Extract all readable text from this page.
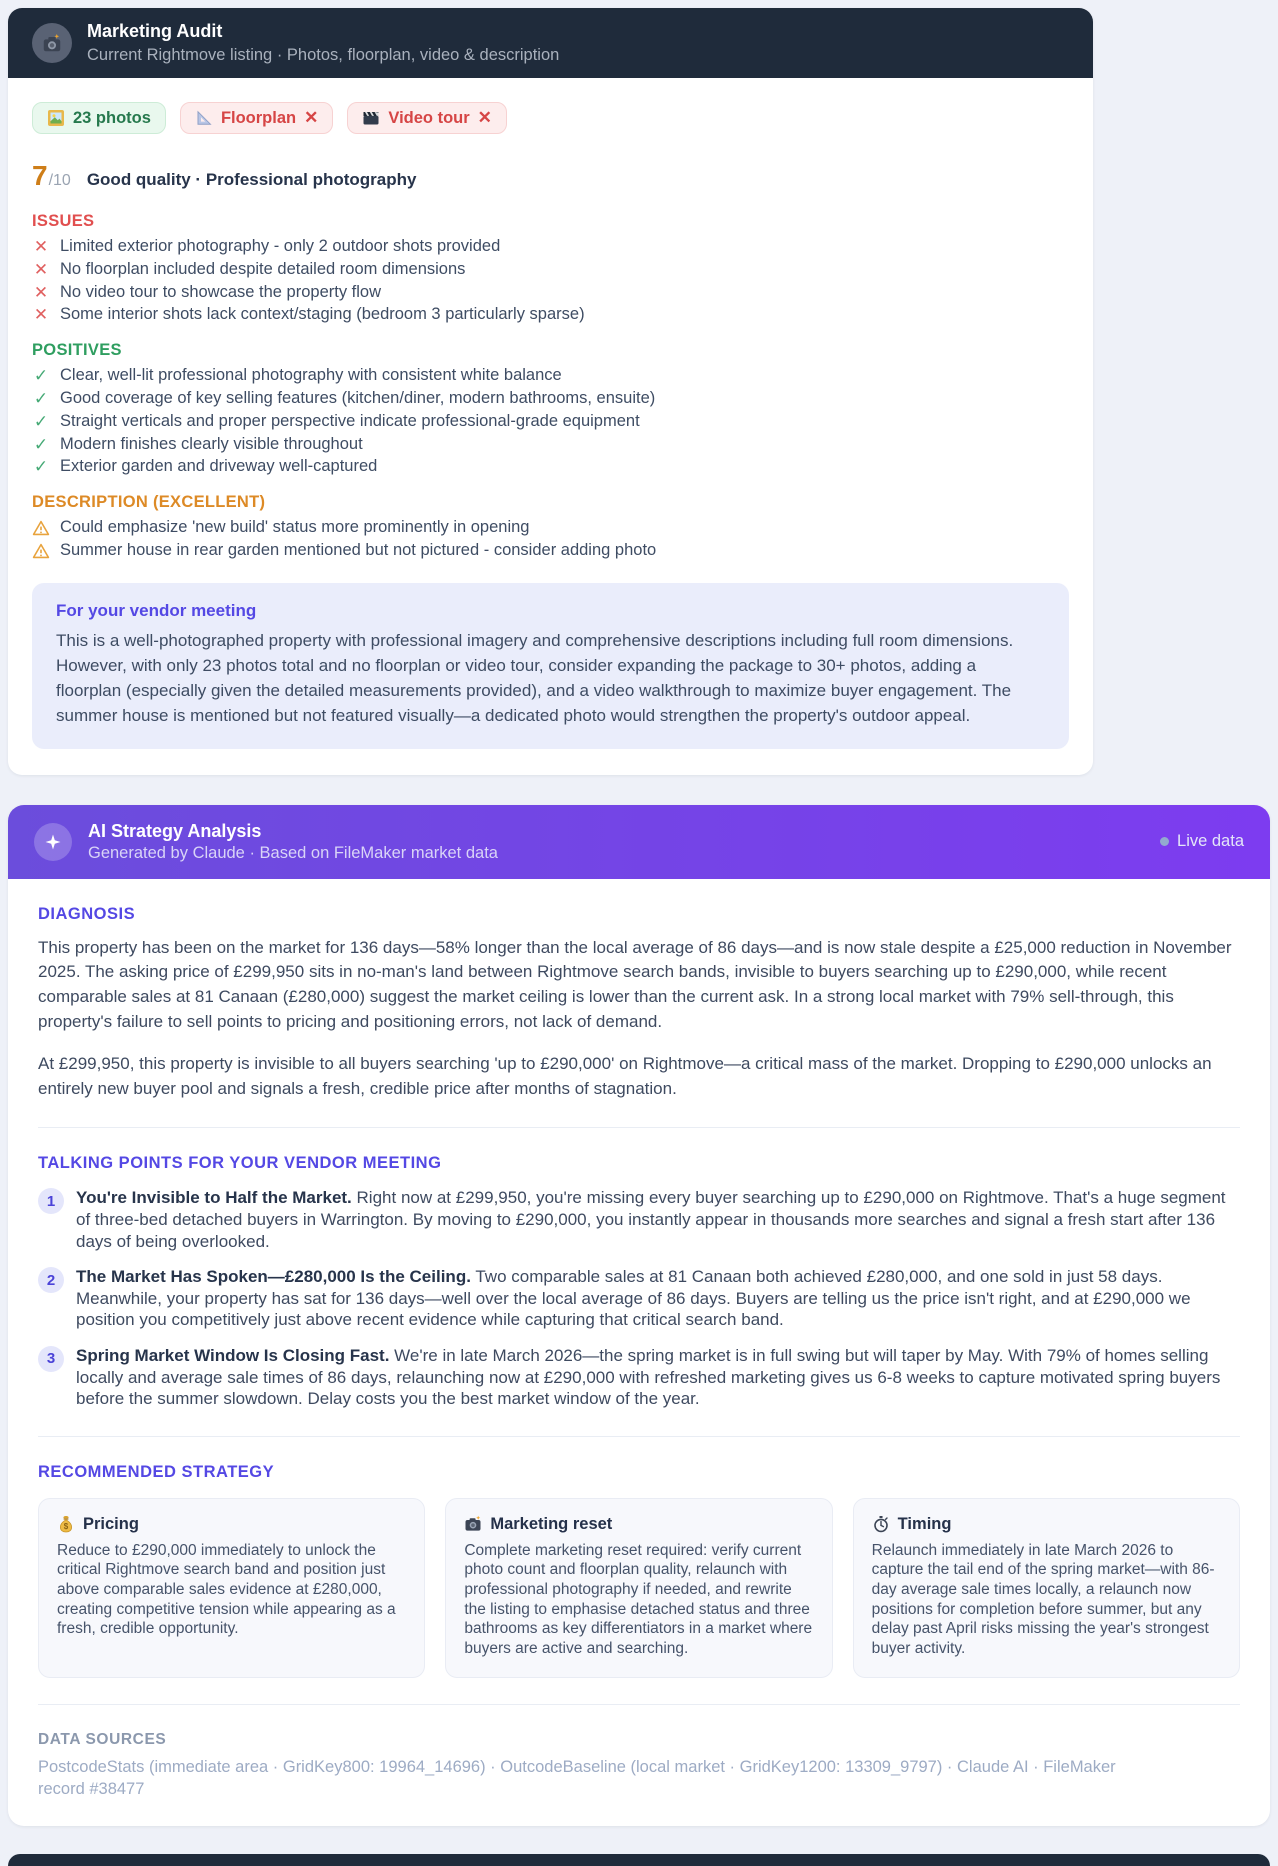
Marketing Audit
Current Rightmove listing · Photos, floorplan, video & description
23 photos	Floorplan ✕	Video tour ✕
7 /10 Good quality · Professional photography
ISSUES
✕ Limited exterior photography - only 2 outdoor shots provided
✕ No floorplan included despite detailed room dimensions
✕ No video tour to showcase the property flow
✕ Some interior shots lack context/staging (bedroom 3 particularly sparse)
POSITIVES
✓ Clear, well-lit professional photography with consistent white balance
✓ Good coverage of key selling features (kitchen/diner, modern bathrooms, ensuite)
✓ Straight verticals and proper perspective indicate professional-grade equipment
✓ Modern finishes clearly visible throughout
✓ Exterior garden and driveway well-captured
DESCRIPTION (EXCELLENT)
Could emphasize 'new build' status more prominently in opening
Summer house in rear garden mentioned but not pictured - consider adding photo
For your vendor meeting
This is a well-photographed property with professional imagery and comprehensive descriptions including full room dimensions. However, with only 23 photos total and no floorplan or video tour, consider expanding the package to 30+ photos, adding a floorplan (especially given the detailed measurements provided), and a video walkthrough to maximize buyer engagement. The summer house is mentioned but not featured visually—a dedicated photo would strengthen the property's outdoor appeal.
AI Strategy Analysis
Generated by Claude · Based on FileMaker market data
Live data
DIAGNOSIS

This property has been on the market for 136 days—58% longer than the local average of 86 days—and is now stale despite a £25,000 reduction in November 2025. The asking price of £299,950 sits in no-man's land between Rightmove search bands, invisible to buyers searching up to £290,000, while recent comparable sales at 81 Canaan (£280,000) suggest the market ceiling is lower than the current ask. In a strong local market with 79% sell-through, this property's failure to sell points to pricing and positioning errors, not lack of demand.

At £299,950, this property is invisible to all buyers searching 'up to £290,000' on Rightmove—a critical mass of the market. Dropping to £290,000 unlocks an entirely new buyer pool and signals a fresh, credible price after months of stagnation.

TALKING POINTS FOR YOUR VENDOR MEETING
1	You're Invisible to Half the Market. Right now at £299,950, you're missing every buyer searching up to £290,000 on Rightmove. That's a huge segment of three-bed detached buyers in Warrington. By moving to £290,000, you instantly appear in thousands more searches and signal a fresh start after 136 days of being overlooked.
2	The Market Has Spoken—£280,000 Is the Ceiling. Two comparable sales at 81 Canaan both achieved £280,000, and one sold in just 58 days. Meanwhile, your property has sat for 136 days—well over the local average of 86 days. Buyers are telling us the price isn't right, and at £290,000 we position you competitively just above recent evidence while capturing that critical search band.
3	Spring Market Window Is Closing Fast. We're in late March 2026—the spring market is in full swing but will taper by May. With 79% of homes selling locally and average sale times of 86 days, relaunching now at £290,000 with refreshed marketing gives us 6-8 weeks to capture motivated spring buyers before the summer slowdown. Delay costs you the best market window of the year.
RECOMMENDED STRATEGY
$ Pricing
Reduce to £290,000 immediately to unlock the critical Rightmove search band and position just above comparable sales evidence at £280,000, creating competitive tension while appearing as a fresh, credible opportunity.
Marketing reset
Complete marketing reset required: verify current photo count and floorplan quality, relaunch with professional photography if needed, and rewrite the listing to emphasise detached status and three bathrooms as key differentiators in a market where buyers are active and searching.
Timing
Relaunch immediately in late March 2026 to capture the tail end of the spring market—with 86-day average sale times locally, a relaunch now positions for completion before summer, but any delay past April risks missing the year's strongest buyer activity.
DATA SOURCES
PostcodeStats (immediate area · GridKey800: 19964_14696) · OutcodeBaseline (local market · GridKey1200: 13309_9797) · Claude AI · FileMaker record #38477
